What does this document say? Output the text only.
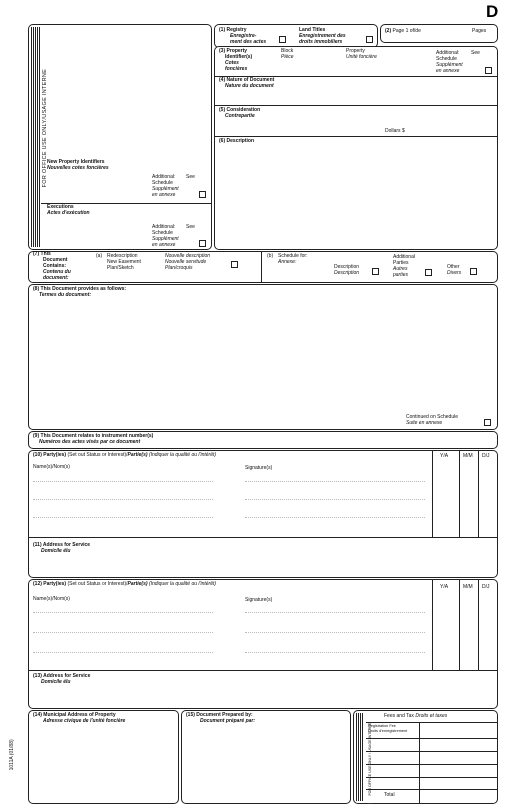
D
FOR OFFICE USE ONLY/USAGE INTERNE New Property Identifiers
Nouvelles cotes foncières
Additional: See
Schedule
Supplément
en annexe
Executions
Actes d'exécution
Additional: See
Schedule
Supplément
en annexe
(1) Registry
Enregistre-
ment des actes
Land Titles
Enregistrement des
droits immobiliers
(2) Page 1 of/de	Pages
(3) Property
Identifier(s)
Cotes
foncières
Block
Pièce
Property
Unité foncière
Additional: See
Schedule
Supplément
en annexe
(4) Nature of Document
Nature du document
(5) Consideration
Contrepartie
Dollars $
(6) Description
(7) This
Document
Contains:
Contenu du
document:
(a) Redescription
New Easement
Plan/Sketch
Nouvelle description
Nouvelle servitude
Plan/croquis
(b) Schedule for:
Annexe:
Description
Description
Additional
Parties
Autres
parties
Other
Divers
(8) This Document provides as follows:
Termes du document:
Continued on Schedule
Suite en annexe
(9) This Document relates to instrument number(s)
Numéros des actes visés par ce document
(10) Party(ies) (Set out Status or Interest)/Partie(s) (Indiquer la qualité ou l'intérêt)
Name(s)/Nom(s)	Signature(s)
Y/A	M/M D/J
(11) Address for Service
Domicile élu
(12) Party(ies) (Set out Status or Interest)/Partie(s) (Indiquer la qualité ou l'intérêt)
Name(s)/Nom(s)	Signature(s)
Y/A	M/M D/J
(13) Address for Service
Domicile élu
1011A (01/88)
(14) Municipal Address of Property
Adresse civique de l'unité foncière
(15) Document Prepared by:
Document préparé par:
FOR OFFICE USE ONLY / USAGE INTERNE
Fees and Tax Droits et taxes
Registration Fee
Droits d'enregistrement
Total
